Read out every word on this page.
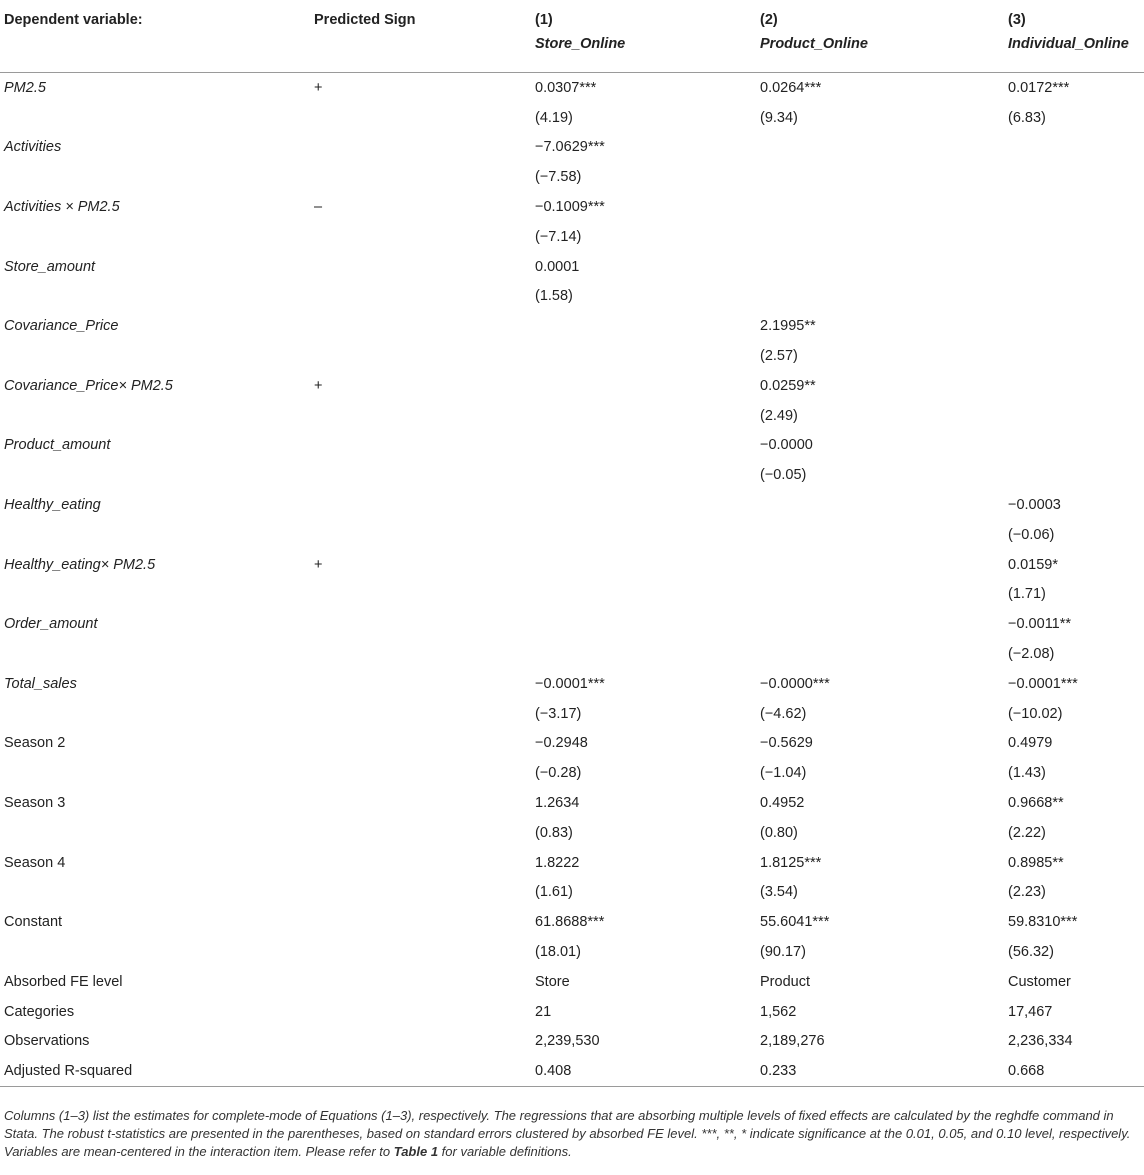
Dependent variable:	Predicted Sign	(1)	(2)	(3)
		Store_Online	Product_Online	Individual_Online
PM2.5	+	0.0307***	0.0264***	0.0172***
		(4.19)	(9.34)	(6.83)
Activities		−7.0629***		
		(−7.58)		
Activities × PM2.5	–	−0.1009***		
		(−7.14)		
Store_amount		0.0001		
		(1.58)		
Covariance_Price			2.1995**	
			(2.57)	
Covariance_Price× PM2.5	+		0.0259**	
			(2.49)	
Product_amount			−0.0000	
			(−0.05)	
Healthy_eating				−0.0003
				(−0.06)
Healthy_eating× PM2.5	+			0.0159*
				(1.71)
Order_amount				−0.0011**
				(−2.08)
Total_sales		−0.0001***	−0.0000***	−0.0001***
		(−3.17)	(−4.62)	(−10.02)
Season 2		−0.2948	−0.5629	0.4979
		(−0.28)	(−1.04)	(1.43)
Season 3		1.2634	0.4952	0.9668**
		(0.83)	(0.80)	(2.22)
Season 4		1.8222	1.8125***	0.8985**
		(1.61)	(3.54)	(2.23)
Constant		61.8688***	55.6041***	59.8310***
		(18.01)	(90.17)	(56.32)
Absorbed FE level		Store	Product	Customer
Categories		21	1,562	17,467
Observations		2,239,530	2,189,276	2,236,334
Adjusted R-squared		0.408	0.233	0.668
Columns (1–3) list the estimates for complete-mode of Equations (1–3), respectively. The regressions that are absorbing multiple levels of fixed effects are calculated by the reghdfe command in Stata. The robust t-statistics are presented in the parentheses, based on standard errors clustered by absorbed FE level. ***, **, * indicate significance at the 0.01, 0.05, and 0.10 level, respectively. Variables are mean-centered in the interaction item. Please refer to Table 1 for variable definitions.
